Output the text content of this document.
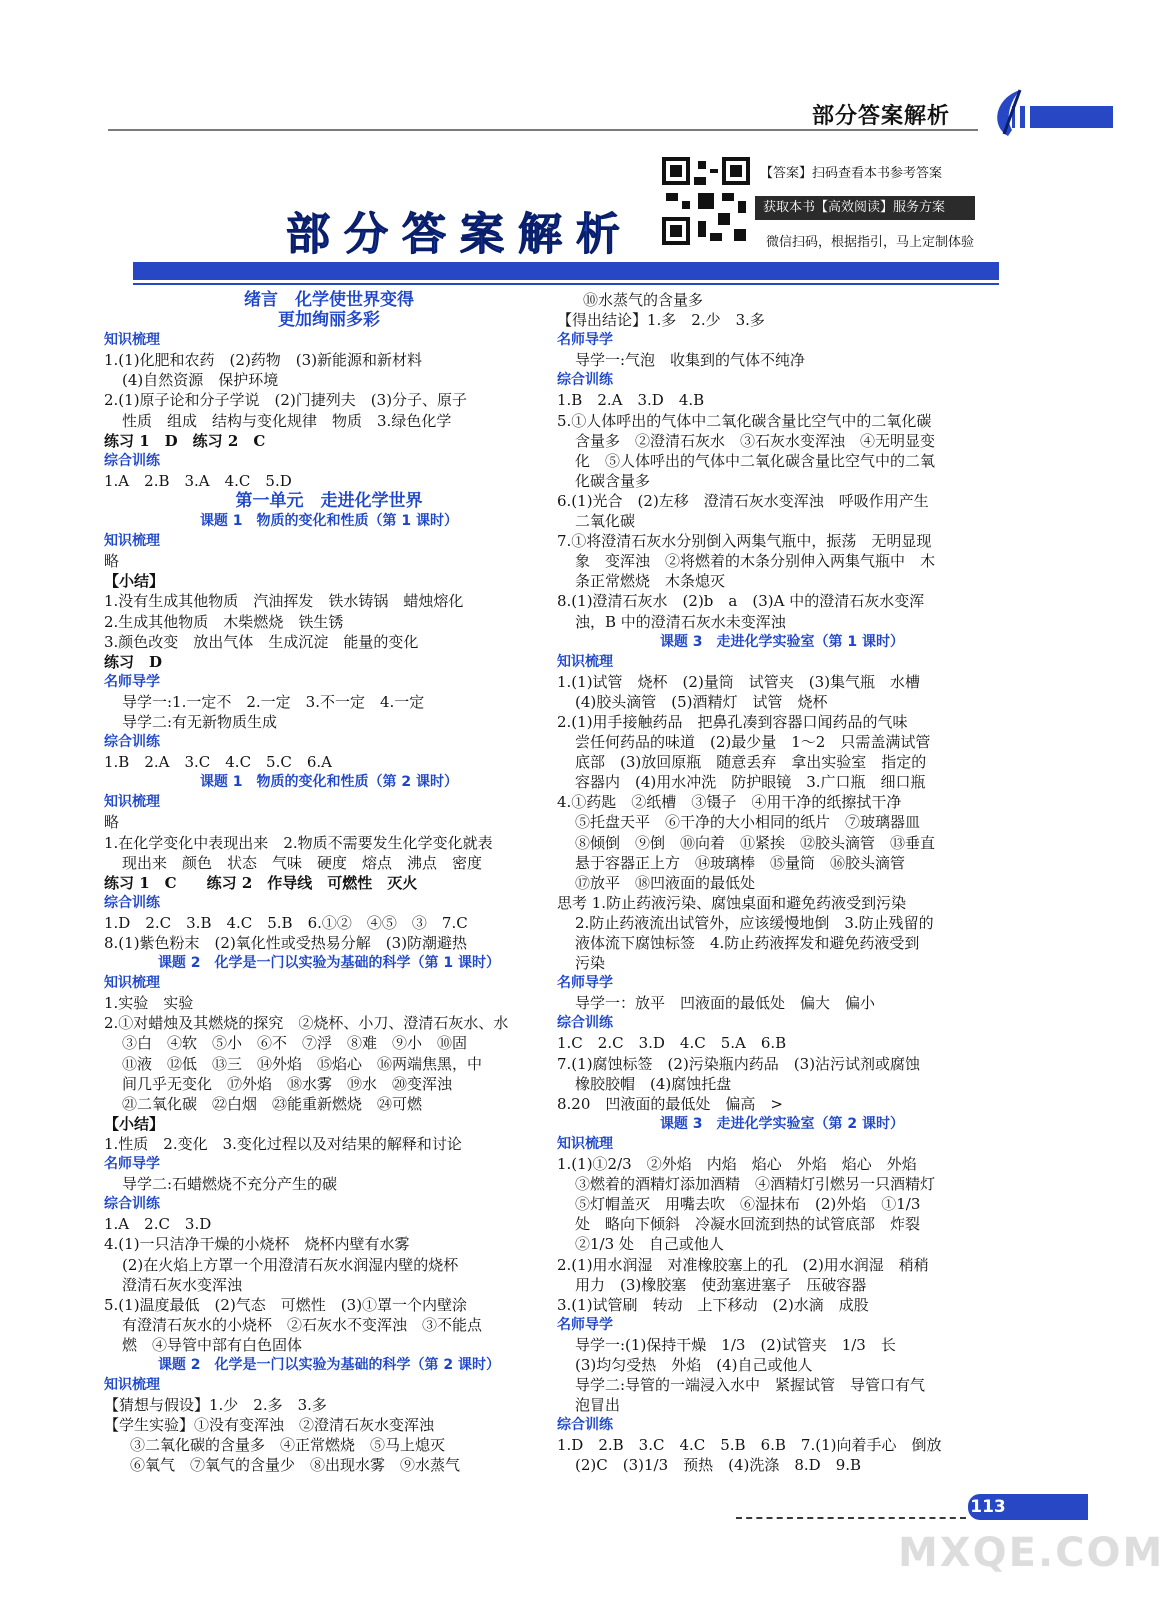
部分答案解析
【答案】扫码查看本书参考答案
获取本书【高效阅读】服务方案
微信扫码，根据指引，马上定制体验
部分答案解析
绪言　化学使世界变得
更加绚丽多彩
知识梳理
1.(1)化肥和农药　(2)药物　(3)新能源和新材料
(4)自然资源　保护环境
2.(1)原子论和分子学说　(2)门捷列夫　(3)分子、原子
性质　组成　结构与变化规律　物质　3.绿色化学
练习 1　D　练习 2　C
综合训练
1.A　2.B　3.A　4.C　5.D
第一单元　走进化学世界
课题 1　物质的变化和性质（第 1 课时）
知识梳理
略
【小结】
1.没有生成其他物质　汽油挥发　铁水铸锅　蜡烛熔化
2.生成其他物质　木柴燃烧　铁生锈
3.颜色改变　放出气体　生成沉淀　能量的变化
练习　D
名师导学
导学一:1.一定不　2.一定　3.不一定　4.一定
导学二:有无新物质生成
综合训练
1.B　2.A　3.C　4.C　5.C　6.A
课题 1　物质的变化和性质（第 2 课时）
知识梳理
略
1.在化学变化中表现出来　2.物质不需要发生化学变化就表
现出来　颜色　状态　气味　硬度　熔点　沸点　密度
练习 1　C　　练习 2　作导线　可燃性　灭火
综合训练
1.D　2.C　3.B　4.C　5.B　6.①②　④⑤　③　7.C
8.(1)紫色粉末　(2)氧化性或受热易分解　(3)防潮避热
课题 2　化学是一门以实验为基础的科学（第 1 课时）
知识梳理
1.实验　实验
2.①对蜡烛及其燃烧的探究　②烧杯、小刀、澄清石灰水、水
③白　④软　⑤小　⑥不　⑦浮　⑧难　⑨小　⑩固
⑪液　⑫低　⑬三　⑭外焰　⑮焰心　⑯两端焦黑，中
间几乎无变化　⑰外焰　⑱水雾　⑲水　⑳变浑浊
㉑二氧化碳　㉒白烟　㉓能重新燃烧　㉔可燃
【小结】
1.性质　2.变化　3.变化过程以及对结果的解释和讨论
名师导学
导学二:石蜡燃烧不充分产生的碳
综合训练
1.A　2.C　3.D
4.(1)一只洁净干燥的小烧杯　烧杯内壁有水雾
(2)在火焰上方罩一个用澄清石灰水润湿内壁的烧杯
澄清石灰水变浑浊
5.(1)温度最低　(2)气态　可燃性　(3)①罩一个内壁涂
有澄清石灰水的小烧杯　②石灰水不变浑浊　③不能点
燃　④导管中部有白色固体
课题 2　化学是一门以实验为基础的科学（第 2 课时）
知识梳理
【猜想与假设】1.少　2.多　3.多
【学生实验】①没有变浑浊　②澄清石灰水变浑浊
③二氧化碳的含量多　④正常燃烧　⑤马上熄灭
⑥氧气　⑦氧气的含量少　⑧出现水雾　⑨水蒸气
⑩水蒸气的含量多
【得出结论】1.多　2.少　3.多
名师导学
导学一:气泡　收集到的气体不纯净
综合训练
1.B　2.A　3.D　4.B
5.①人体呼出的气体中二氧化碳含量比空气中的二氧化碳
含量多　②澄清石灰水　③石灰水变浑浊　④无明显变
化　⑤人体呼出的气体中二氧化碳含量比空气中的二氧
化碳含量多
6.(1)光合　(2)左移　澄清石灰水变浑浊　呼吸作用产生
二氧化碳
7.①将澄清石灰水分别倒入两集气瓶中，振荡　无明显现
象　变浑浊　②将燃着的木条分别伸入两集气瓶中　木
条正常燃烧　木条熄灭
8.(1)澄清石灰水　(2)b　a　(3)A 中的澄清石灰水变浑
浊，B 中的澄清石灰水未变浑浊
课题 3　走进化学实验室（第 1 课时）
知识梳理
1.(1)试管　烧杯　(2)量筒　试管夹　(3)集气瓶　水槽
(4)胶头滴管　(5)酒精灯　试管　烧杯
2.(1)用手接触药品　把鼻孔凑到容器口闻药品的气味
尝任何药品的味道　(2)最少量　1～2　只需盖满试管
底部　(3)放回原瓶　随意丢弃　拿出实验室　指定的
容器内　(4)用水冲洗　防护眼镜　3.广口瓶　细口瓶
4.①药匙　②纸槽　③镊子　④用干净的纸擦拭干净
⑤托盘天平　⑥干净的大小相同的纸片　⑦玻璃器皿
⑧倾倒　⑨倒　⑩向着　⑪紧挨　⑫胶头滴管　⑬垂直
悬于容器正上方　⑭玻璃棒　⑮量筒　⑯胶头滴管
⑰放平　⑱凹液面的最低处
思考 1.防止药液污染、腐蚀桌面和避免药液受到污染
2.防止药液流出试管外，应该缓慢地倒　3.防止残留的
液体流下腐蚀标签　4.防止药液挥发和避免药液受到
污染
名师导学
导学一：放平　凹液面的最低处　偏大　偏小
综合训练
1.C　2.C　3.D　4.C　5.A　6.B
7.(1)腐蚀标签　(2)污染瓶内药品　(3)沾污试剂或腐蚀
橡胶胶帽　(4)腐蚀托盘
8.20　凹液面的最低处　偏高　>
课题 3　走进化学实验室（第 2 课时）
知识梳理
1.(1)①2/3　②外焰　内焰　焰心　外焰　焰心　外焰
③燃着的酒精灯添加酒精　④酒精灯引燃另一只酒精灯
⑤灯帽盖灭　用嘴去吹　⑥湿抹布　(2)外焰　①1/3
处　略向下倾斜　冷凝水回流到热的试管底部　炸裂
②1/3 处　自己或他人
2.(1)用水润湿　对准橡胶塞上的孔　(2)用水润湿　稍稍
用力　(3)橡胶塞　使劲塞进塞子　压破容器
3.(1)试管刷　转动　上下移动　(2)水滴　成股
名师导学
导学一:(1)保持干燥　1/3　(2)试管夹　1/3　长
(3)均匀受热　外焰　(4)自己或他人
导学二:导管的一端浸入水中　紧握试管　导管口有气
泡冒出
综合训练
1.D　2.B　3.C　4.C　5.B　6.B　7.(1)向着手心　倒放
(2)C　(3)1/3　预热　(4)洗涤　8.D　9.B
113
MXQE.COM
